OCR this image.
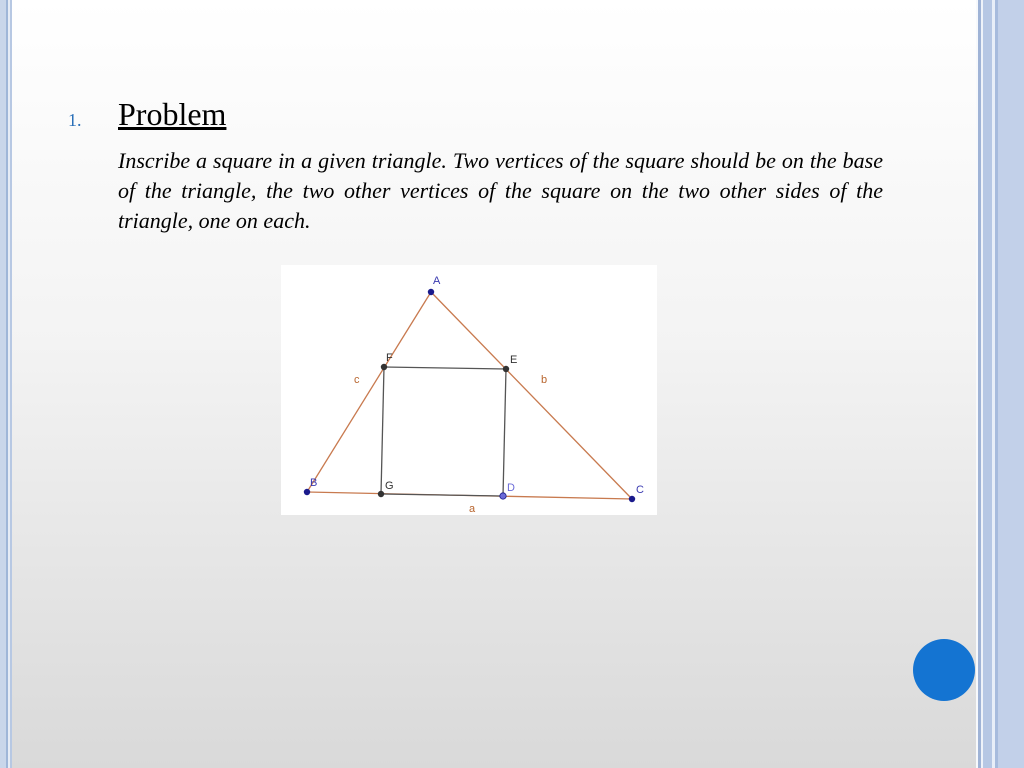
1. Problem
Inscribe a square in a given triangle. Two vertices of the square should be on the base of the triangle, the two other vertices of the square on the two other sides of the triangle, one on each.
A
B
C
D
E
F
G
a
b
c
